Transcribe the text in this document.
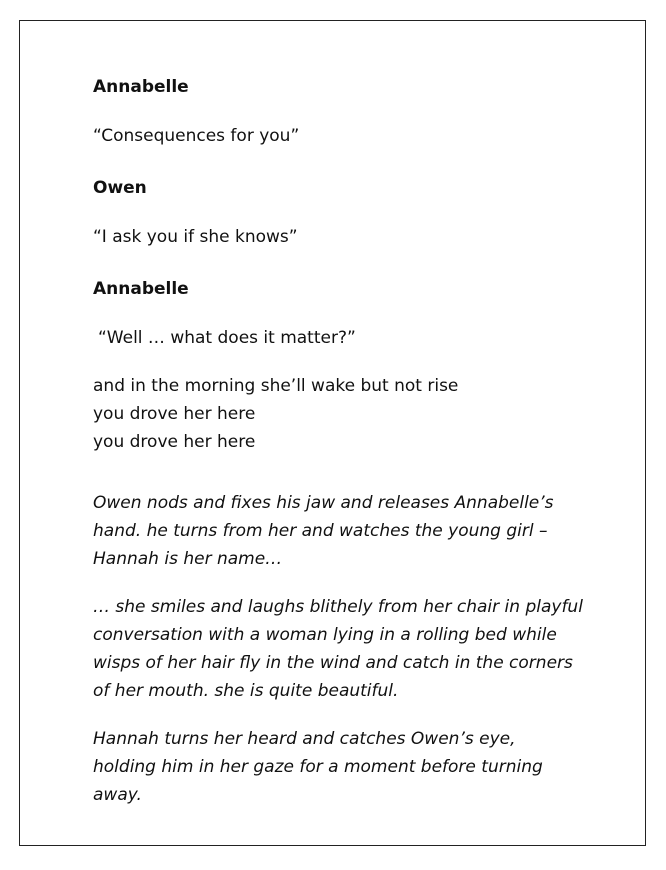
Annabelle

“Consequences for you”

Owen

“I ask you if she knows”

Annabelle

“Well … what does it matter?”

and in the morning she’ll wake but not rise

you drove her here

you drove her here

Owen nods and fixes his jaw and releases Annabelle’s hand. he turns from her and watches the young girl – Hannah is her name…

… she smiles and laughs blithely from her chair in playful conversation with a woman lying in a rolling bed while wisps of her hair fly in the wind and catch in the corners of her mouth. she is quite beautiful.

Hannah turns her heard and catches Owen’s eye, holding him in her gaze for a moment before turning away.
